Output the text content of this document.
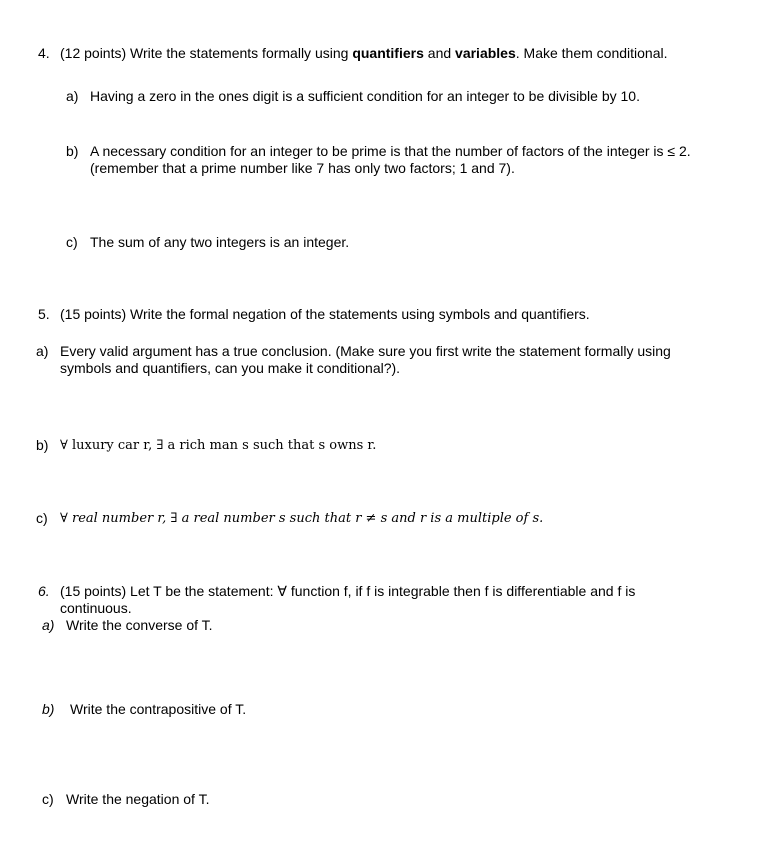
4. (12 points) Write the statements formally using quantifiers and variables. Make them conditional.
a) Having a zero in the ones digit is a sufficient condition for an integer to be divisible by 10.
b) A necessary condition for an integer to be prime is that the number of factors of the integer is ≤ 2.
(remember that a prime number like 7 has only two factors; 1 and 7).
c) The sum of any two integers is an integer.
5. (15 points) Write the formal negation of the statements using symbols and quantifiers.
a) Every valid argument has a true conclusion. (Make sure you first write the statement formally using
symbols and quantifiers, can you make it conditional?).
b) ∀ luxury car r, ∃ a rich man s such that s owns r.
c) ∀ real number r, ∃ a real number s such that r ≠ s and r is a multiple of s.
6. (15 points) Let T be the statement: ∀ function f, if f is integrable then f is differentiable and f is
continuous.
a) Write the converse of T.
b) Write the contrapositive of T.
c) Write the negation of T.
